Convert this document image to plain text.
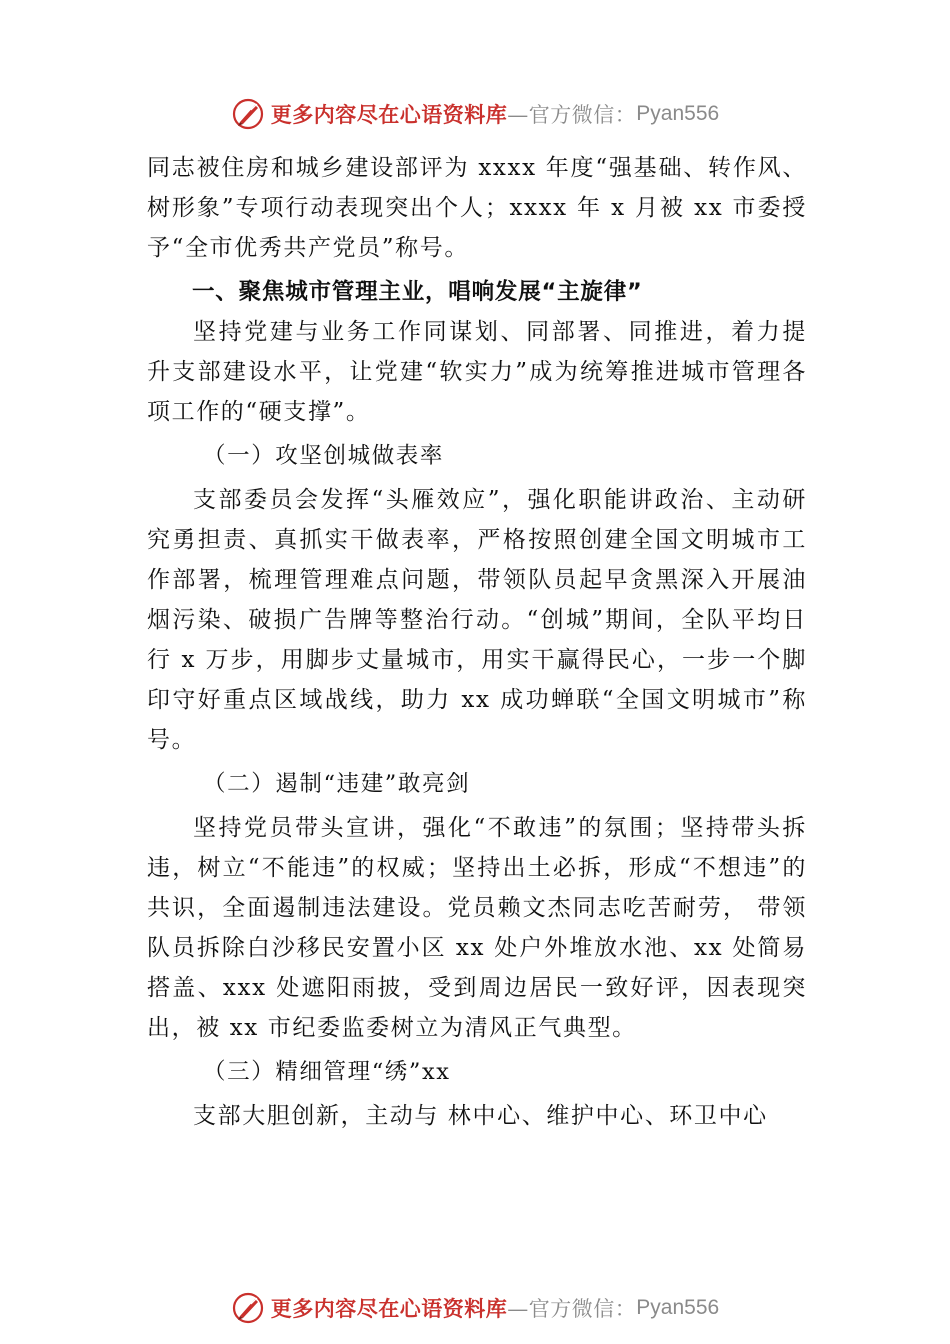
更多内容尽在心语资料库 —官方微信： Pyan556

同志被住房和城乡建设部评为 xxxx 年度“强基础、转作风、树形象”专项行动表现突出个人；xxxx 年 x 月被 xx 市委授予“全市优秀共产党员”称号。

一、聚焦城市管理主业，唱响发展“主旋律”

坚持党建与业务工作同谋划、同部署、同推进，着力提升支部建设水平，让党建“软实力”成为统筹推进城市管理各项工作的“硬支撑”。

（一）攻坚创城做表率

支部委员会发挥“头雁效应”，强化职能讲政治、主动研究勇担责、真抓实干做表率，严格按照创建全国文明城市工作部署，梳理管理难点问题，带领队员起早贪黑深入开展油烟污染、破损广告牌等整治行动。“创城”期间，全队平均日 行 x 万步，用脚步丈量城市，用实干赢得民心，一步一个脚印守好重点区域战线，助力 xx 成功蝉联“全国文明城市”称号。

（二）遏制“违建”敢亮剑

坚持党员带头宣讲，强化“不敢违”的氛围；坚持带头拆违，树立“不能违”的权威；坚持出土必拆，形成“不想违”的共识，全面遏制违法建设。党员赖文杰同志吃苦耐劳， 带领队员拆除白沙移民安置小区 xx 处户外堆放水池、xx 处简易搭盖、xxx 处遮阳雨披，受到周边居民一致好评，因表现突出，被 xx 市纪委监委树立为清风正气典型。

（三）精细管理“绣”xx

支部大胆创新，主动与 林中心、维护中心、环卫中心

更多内容尽在心语资料库 —官方微信： Pyan556
